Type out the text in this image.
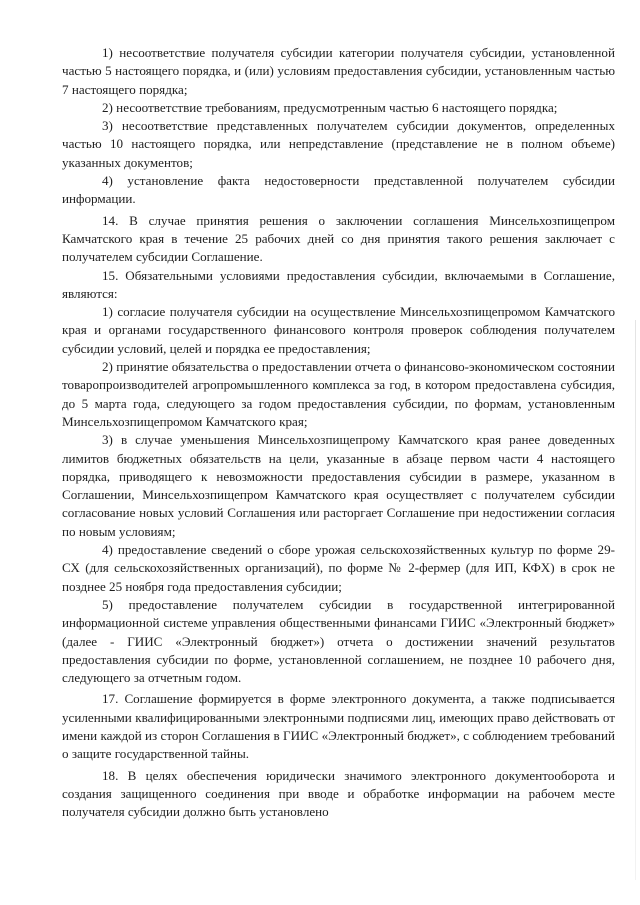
1) несоответствие получателя субсидии категории получателя субсидии, установленной частью 5 настоящего порядка, и (или) условиям предоставления субсидии, установленным частью 7 настоящего порядка;

2) несоответствие требованиям, предусмотренным частью 6 настоящего порядка;

3) несоответствие представленных получателем субсидии документов, определенных частью 10 настоящего порядка, или непредставление (представление не в полном объеме) указанных документов;

4) установление факта недостоверности представленной получателем субсидии информации.

14. В случае принятия решения о заключении соглашения Минсельхозпищепром Камчатского края в течение 25 рабочих дней со дня принятия такого решения заключает с получателем субсидии Соглашение.

15. Обязательными условиями предоставления субсидии, включаемыми в Соглашение, являются:

1) согласие получателя субсидии на осуществление Минсельхозпищепромом Камчатского края и органами государственного финансового контроля проверок соблюдения получателем субсидии условий, целей и порядка ее предоставления;

2) принятие обязательства о предоставлении отчета о финансово-экономическом состоянии товаропроизводителей агропромышленного комплекса за год, в котором предоставлена субсидия, до 5 марта года, следующего за годом предоставления субсидии, по формам, установленным Минсельхозпищепромом Камчатского края;

3) в случае уменьшения Минсельхозпищепрому Камчатского края ранее доведенных лимитов бюджетных обязательств на цели, указанные в абзаце первом части 4 настоящего порядка, приводящего к невозможности предоставления субсидии в размере, указанном в Соглашении, Минсельхозпищепром Камчатского края осуществляет с получателем субсидии согласование новых условий Соглашения или расторгает Соглашение при недостижении согласия по новым условиям;

4) предоставление сведений о сборе урожая сельскохозяйственных культур по форме 29-СХ (для сельскохозяйственных организаций), по форме № 2-фермер (для ИП, КФХ) в срок не позднее 25 ноября года предоставления субсидии;

5) предоставление получателем субсидии в государственной интегрированной информационной системе управления общественными финансами ГИИС «Электронный бюджет» (далее - ГИИС «Электронный бюджет») отчета о достижении значений результатов предоставления субсидии по форме, установленной соглашением, не позднее 10 рабочего дня, следующего за отчетным годом.

17. Соглашение формируется в форме электронного документа, а также подписывается усиленными квалифицированными электронными подписями лиц, имеющих право действовать от имени каждой из сторон Соглашения в ГИИС «Электронный бюджет», с соблюдением требований о защите государственной тайны.

18. В целях обеспечения юридически значимого электронного документооборота и создания защищенного соединения при вводе и обработке информации на рабочем месте получателя субсидии должно быть установлено
